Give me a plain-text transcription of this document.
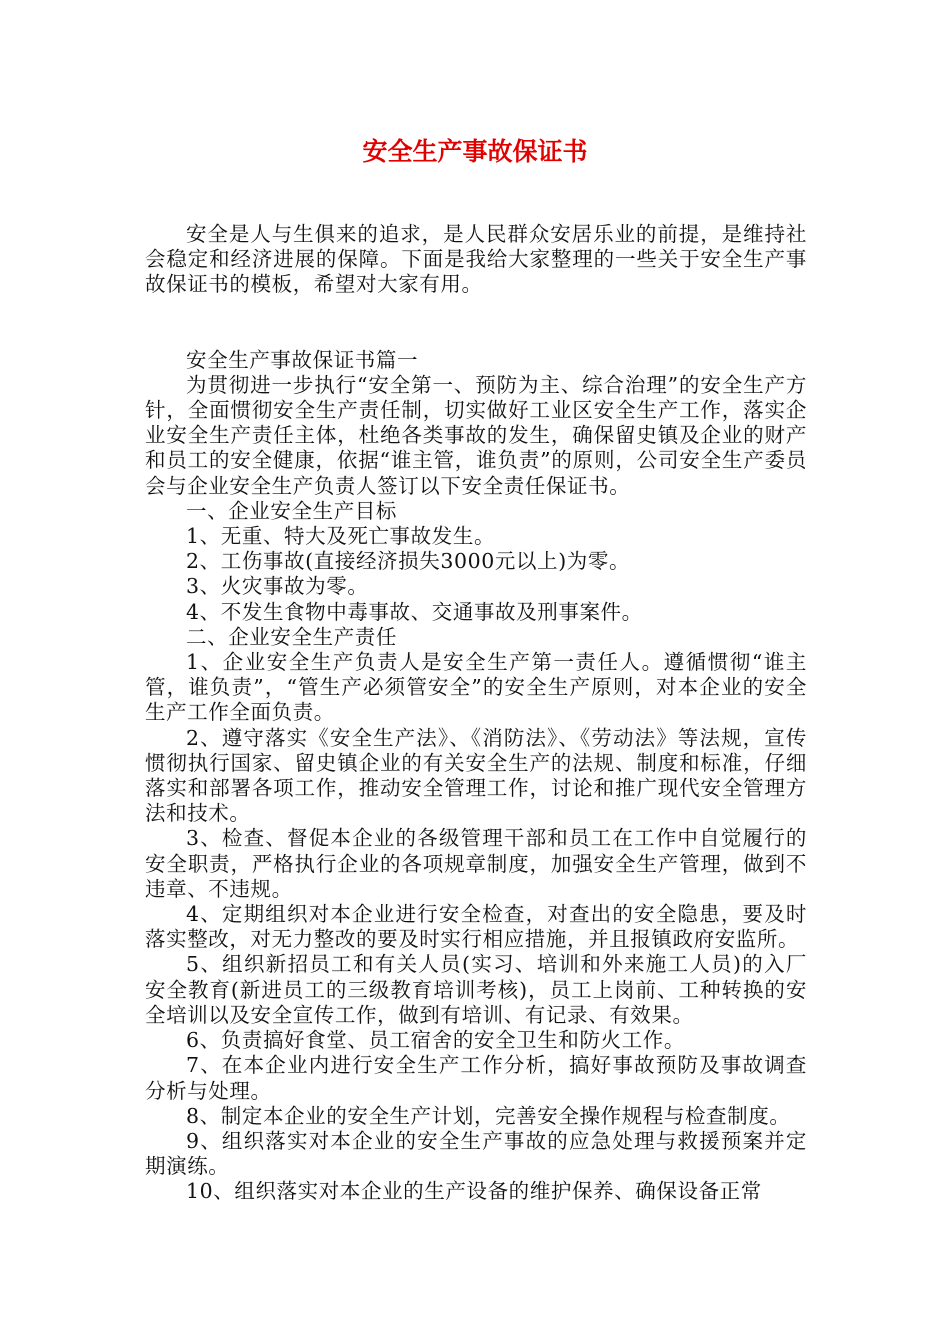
安全生产事故保证书

安全是人与生俱来的追求，是人民群众安居乐业的前提，是维持社会稳定和经济进展的保障。下面是我给大家整理的一些关于安全生产事故保证书的模板，希望对大家有用。

安全生产事故保证书篇一

为贯彻进一步执行“安全第一、预防为主、综合治理”的安全生产方针，全面惯彻安全生产责任制，切实做好工业区安全生产工作，落实企业安全生产责任主体，杜绝各类事故的发生，确保留史镇及企业的财产和员工的安全健康，依据“谁主管，谁负责”的原则，公司安全生产委员会与企业安全生产负责人签订以下安全责任保证书。

一、企业安全生产目标

1、无重、特大及死亡事故发生。

2、工伤事故(直接经济损失3000元以上)为零。

3、火灾事故为零。

4、不发生食物中毒事故、交通事故及刑事案件。

二、企业安全生产责任

1、企业安全生产负责人是安全生产第一责任人。遵循惯彻“谁主管，谁负责”，“管生产必须管安全”的安全生产原则，对本企业的安全生产工作全面负责。

2、遵守落实《安全生产法》、《消防法》、《劳动法》等法规，宣传惯彻执行国家、留史镇企业的有关安全生产的法规、制度和标准，仔细落实和部署各项工作，推动安全管理工作，讨论和推广现代安全管理方法和技术。

3、检查、督促本企业的各级管理干部和员工在工作中自觉履行的安全职责，严格执行企业的各项规章制度，加强安全生产管理，做到不违章、不违规。

4、定期组织对本企业进行安全检查，对查出的安全隐患，要及时落实整改，对无力整改的要及时实行相应措施，并且报镇政府安监所。

5、组织新招员工和有关人员(实习、培训和外来施工人员)的入厂安全教育(新进员工的三级教育培训考核)，员工上岗前、工种转换的安全培训以及安全宣传工作，做到有培训、有记录、有效果。

6、负责搞好食堂、员工宿舍的安全卫生和防火工作。

7、在本企业内进行安全生产工作分析，搞好事故预防及事故调查分析与处理。

8、制定本企业的安全生产计划，完善安全操作规程与检查制度。

9、组织落实对本企业的安全生产事故的应急处理与救援预案并定期演练。

10、组织落实对本企业的生产设备的维护保养、确保设备正常
